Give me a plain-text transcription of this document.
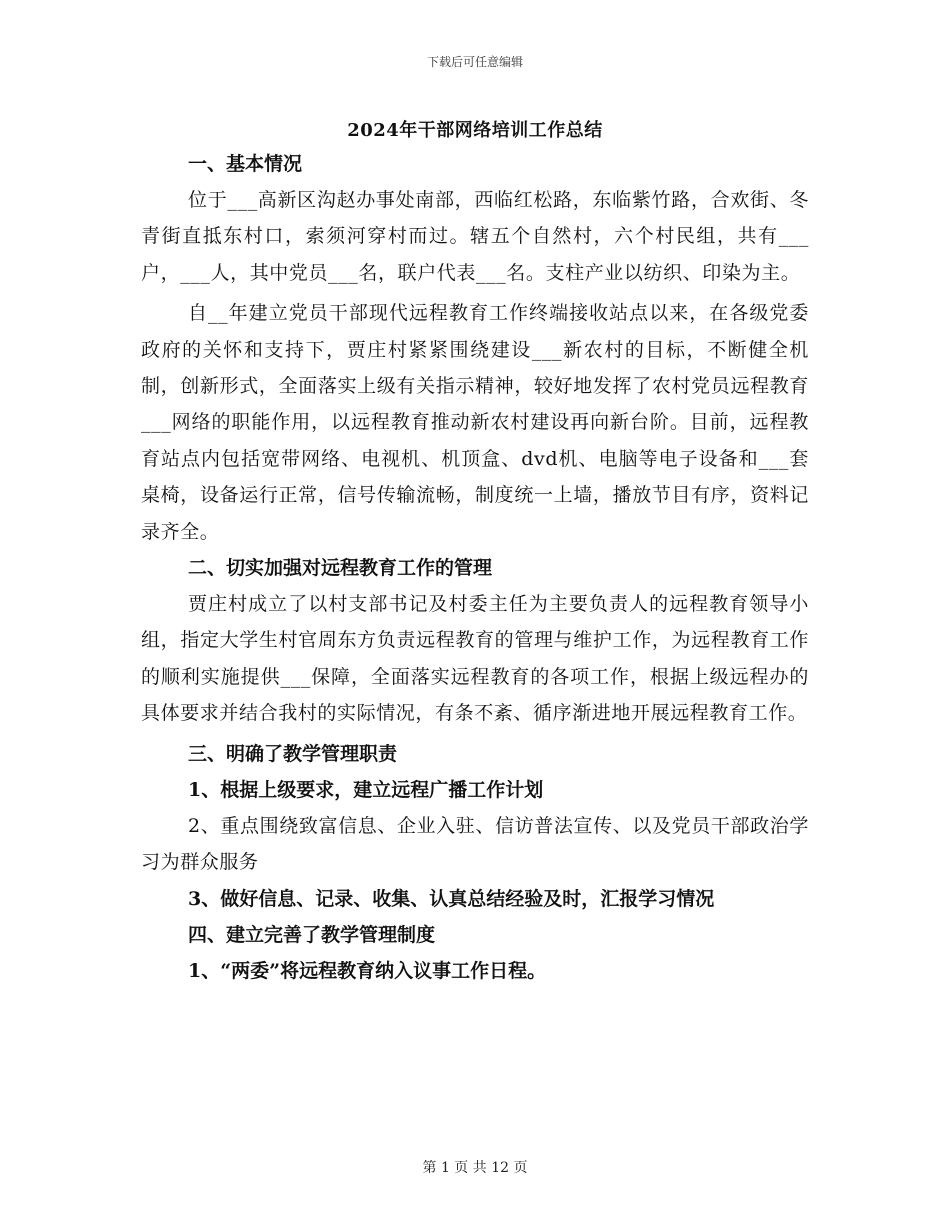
下载后可任意编辑
2024年干部网络培训工作总结

一、基本情况

位于___高新区沟赵办事处南部，西临红松路，东临紫竹路，合欢街、冬青街直抵东村口，索须河穿村而过。辖五个自然村，六个村民组，共有___户，___人，其中党员___名，联户代表___名。支柱产业以纺织、印染为主。

自__年建立党员干部现代远程教育工作终端接收站点以来，在各级党委政府的关怀和支持下，贾庄村紧紧围绕建设___新农村的目标，不断健全机制，创新形式，全面落实上级有关指示精神，较好地发挥了农村党员远程教育___网络的职能作用，以远程教育推动新农村建设再向新台阶。目前，远程教育站点内包括宽带网络、电视机、机顶盒、dvd机、电脑等电子设备和___套桌椅，设备运行正常，信号传输流畅，制度统一上墙，播放节目有序，资料记录齐全。

二、切实加强对远程教育工作的管理

贾庄村成立了以村支部书记及村委主任为主要负责人的远程教育领导小组，指定大学生村官周东方负责远程教育的管理与维护工作，为远程教育工作的顺利实施提供___保障，全面落实远程教育的各项工作，根据上级远程办的具体要求并结合我村的实际情况，有条不紊、循序渐进地开展远程教育工作。

三、明确了教学管理职责

1、根据上级要求，建立远程广播工作计划

2、重点围绕致富信息、企业入驻、信访普法宣传、以及党员干部政治学习为群众服务

3、做好信息、记录、收集、认真总结经验及时，汇报学习情况

四、建立完善了教学管理制度

1、“两委”将远程教育纳入议事工作日程。

第 1 页 共 12 页
